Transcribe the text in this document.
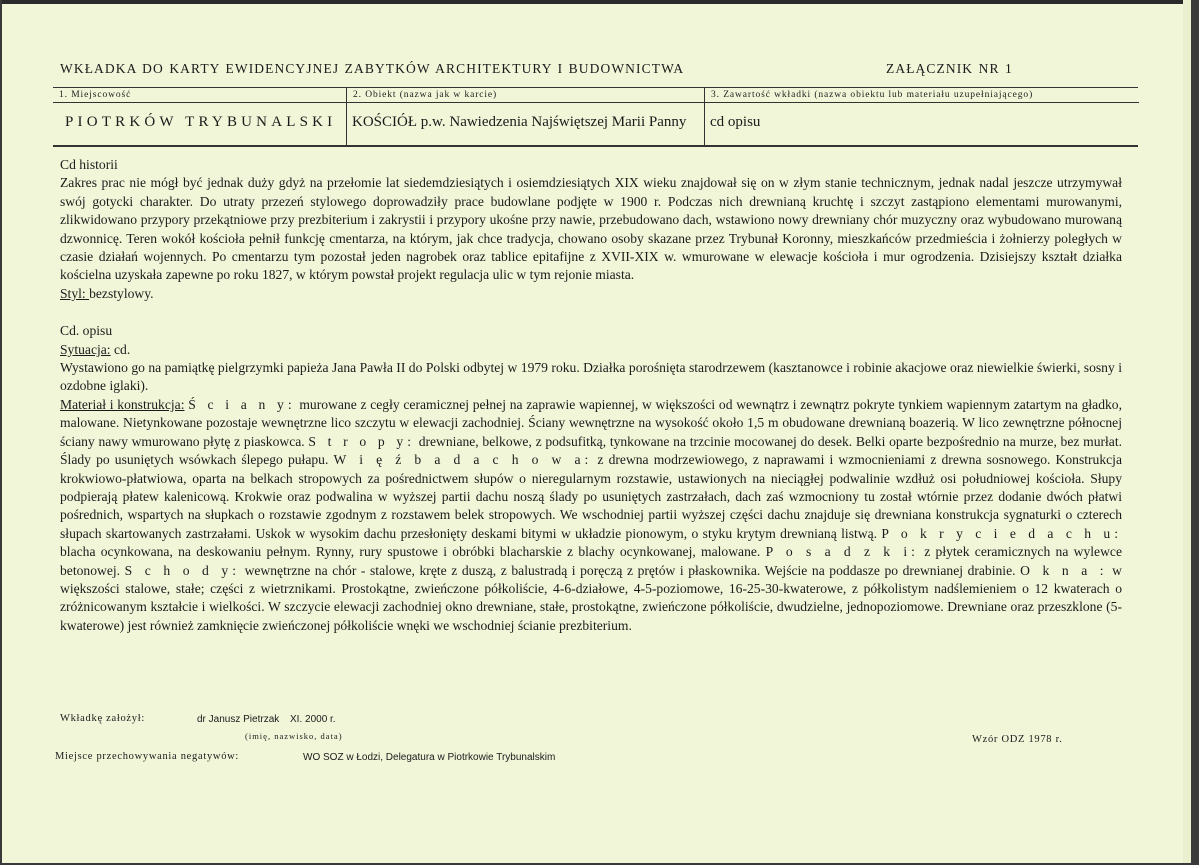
WKŁADKA DO KARTY EWIDENCYJNEJ ZABYTKÓW ARCHITEKTURY I BUDOWNICTWA	ZAŁĄCZNIK NR 1
1. Miejscowość
PIOTRKÓW TRYBUNALSKI
2. Obiekt (nazwa jak w karcie)
KOŚCIÓŁ p.w. Nawiedzenia Najświętszej Marii Panny
3. Zawartość wkładki (nazwa obiektu lub materiału uzupełniającego)
cd opisu

Cd historii

Zakres prac nie mógł być jednak duży gdyż na przełomie lat siedemdziesiątych i osiemdziesiątych XIX wieku znajdował się on w złym stanie technicznym, jednak nadal jeszcze utrzymywał swój gotycki charakter. Do utraty przezeń stylowego doprowadziły prace budowlane podjęte w 1900 r. Podczas nich drewnianą kruchtę i szczyt zastąpiono elementami murowanymi, zlikwidowano przypory przekątniowe przy prezbiterium i zakrystii i przypory ukośne przy nawie, przebudowano dach, wstawiono nowy drewniany chór muzyczny oraz wybudowano murowaną dzwonnicę. Teren wokół kościoła pełnił funkcję cmentarza, na którym, jak chce tradycja, chowano osoby skazane przez Trybunał Koronny, mieszkańców przedmieścia i żołnierzy poległych w czasie działań wojennych. Po cmentarzu tym pozostał jeden nagrobek oraz tablice epitafijne z XVII-XIX w. wmurowane w elewacje kościoła i mur ogrodzenia. Dzisiejszy kształt działka kościelna uzyskała zapewne po roku 1827, w którym powstał projekt regulacja ulic w tym rejonie miasta.

Styl: bezstylowy.

Cd. opisu

Sytuacja: cd.

Wystawiono go na pamiątkę pielgrzymki papieża Jana Pawła II do Polski odbytej w 1979 roku. Działka porośnięta starodrzewem (kasztanowce i robinie akacjowe oraz niewielkie świerki, sosny i ozdobne iglaki).

Materiał i konstrukcja: Ś c i a n y: murowane z cegły ceramicznej pełnej na zaprawie wapiennej, w większości od wewnątrz i zewnątrz pokryte tynkiem wapiennym zatartym na gładko, malowane. Nietynkowane pozostaje wewnętrzne lico szczytu w elewacji zachodniej. Ściany wewnętrzne na wysokość około 1,5 m obudowane drewnianą boazerią. W lico zewnętrzne północnej ściany nawy wmurowano płytę z piaskowca. S t r o p y: drewniane, belkowe, z podsufitką, tynkowane na trzcinie mocowanej do desek. Belki oparte bezpośrednio na murze, bez murłat. Ślady po usuniętych wsówkach ślepego pułapu. W i ę ź b a d a c h o w a: z drewna modrzewiowego, z naprawami i wzmocnieniami z drewna sosnowego. Konstrukcja krokwiowo-płatwiowa, oparta na belkach stropowych za pośrednictwem słupów o nieregularnym rozstawie, ustawionych na nieciągłej podwalinie wzdłuż osi południowej kościoła. Słupy podpierają płatew kalenicową. Krokwie oraz podwalina w wyższej partii dachu noszą ślady po usuniętych zastrzałach, dach zaś wzmocniony tu został wtórnie przez dodanie dwóch płatwi pośrednich, wspartych na słupkach o rozstawie zgodnym z rozstawem belek stropowych. We wschodniej partii wyższej części dachu znajduje się drewniana konstrukcja sygnaturki o czterech słupach skartowanych zastrzałami. Uskok w wysokim dachu przesłonięty deskami bitymi w układzie pionowym, o styku krytym drewnianą listwą. P o k r y c i e d a c h u: blacha ocynkowana, na deskowaniu pełnym. Rynny, rury spustowe i obróbki blacharskie z blachy ocynkowanej, malowane. P o s a d z k i: z płytek ceramicznych na wylewce betonowej. S c h o d y: wewnętrzne na chór - stalowe, kręte z duszą, z balustradą i poręczą z prętów i płaskownika. Wejście na poddasze po drewnianej drabinie. O k n a : w większości stalowe, stałe; części z wietrznikami. Prostokątne, zwieńczone półkoliście, 4-6-działowe, 4-5-poziomowe, 16-25-30-kwaterowe, z półkolistym nadślemieniem o 12 kwaterach o zróżnicowanym kształcie i wielkości. W szczycie elewacji zachodniej okno drewniane, stałe, prostokątne, zwieńczone półkoliście, dwudzielne, jednopoziomowe. Drewniane oraz przeszklone (5-kwaterowe) jest również zamknięcie zwieńczonej półkoliście wnęki we wschodniej ścianie prezbiterium.

Wkładkę założył:	dr Janusz Pietrzak XI. 2000 r.
(imię, nazwisko, data)
Miejsce przechowywania negatywów:	WO SOZ w Łodzi, Delegatura w Piotrkowie Trybunalskim
Wzór ODZ 1978 r.
